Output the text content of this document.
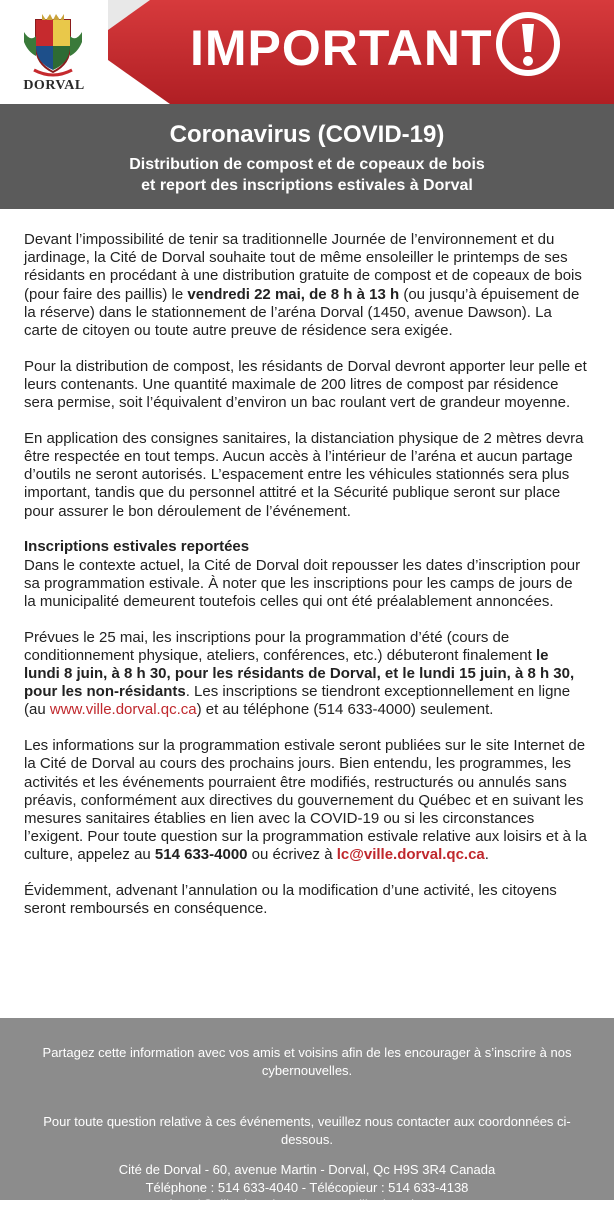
DORVAL
IMPORTANT
Coronavirus (COVID-19)
Distribution de compost et de copeaux de bois
et report des inscriptions estivales à Dorval

Devant l’impossibilité de tenir sa traditionnelle Journée de l’environnement et du jardinage, la Cité de Dorval souhaite tout de même ensoleiller le printemps de ses résidants en procédant à une distribution gratuite de compost et de copeaux de bois (pour faire des paillis) le vendredi 22 mai, de 8 h à 13 h (ou jusqu’à épuisement de la réserve) dans le stationnement de l’aréna Dorval (1450, avenue Dawson). La carte de citoyen ou toute autre preuve de résidence sera exigée.

Pour la distribution de compost, les résidants de Dorval devront apporter leur pelle et leurs contenants. Une quantité maximale de 200 litres de compost par résidence sera permise, soit l’équivalent d’environ un bac roulant vert de grandeur moyenne.

En application des consignes sanitaires, la distanciation physique de 2 mètres devra être respectée en tout temps. Aucun accès à l’intérieur de l’aréna et aucun partage d’outils ne seront autorisés. L’espacement entre les véhicules stationnés sera plus important, tandis que du personnel attitré et la Sécurité publique seront sur place pour assurer le bon déroulement de l’événement.

Inscriptions estivales reportées
Dans le contexte actuel, la Cité de Dorval doit repousser les dates d’inscription pour sa programmation estivale. À noter que les inscriptions pour les camps de jours de la municipalité demeurent toutefois celles qui ont été préalablement annoncées.

Prévues le 25 mai, les inscriptions pour la programmation d’été (cours de conditionnement physique, ateliers, conférences, etc.) débuteront finalement le lundi 8 juin, à 8 h 30, pour les résidants de Dorval, et le lundi 15 juin, à 8 h 30, pour les non-résidants. Les inscriptions se tiendront exceptionnellement en ligne (au www.ville.dorval.qc.ca) et au téléphone (514 633-4000) seulement.

Les informations sur la programmation estivale seront publiées sur le site Internet de la Cité de Dorval au cours des prochains jours. Bien entendu, les programmes, les activités et les événements pourraient être modifiés, restructurés ou annulés sans préavis, conformément aux directives du gouvernement du Québec et en suivant les mesures sanitaires établies en lien avec la COVID-19 ou si les circonstances l’exigent. Pour toute question sur la programmation estivale relative aux loisirs et à la culture, appelez au 514 633-4000 ou écrivez à lc@ville.dorval.qc.ca.

Évidemment, advenant l’annulation ou la modification d’une activité, les citoyens seront remboursés en conséquence.

Partagez cette information avec vos amis et voisins afin de les encourager à s’inscrire à nos cybernouvelles.
Pour toute question relative à ces événements, veuillez nous contacter aux coordonnées ci-dessous.
Cité de Dorval - 60, avenue Martin - Dorval, Qc H9S 3R4 Canada
Téléphone : 514 633-4040 - Télécopieur : 514 633-4138
dorval@ville.dorval.qc.ca - www.ville.dorval.qc.ca
